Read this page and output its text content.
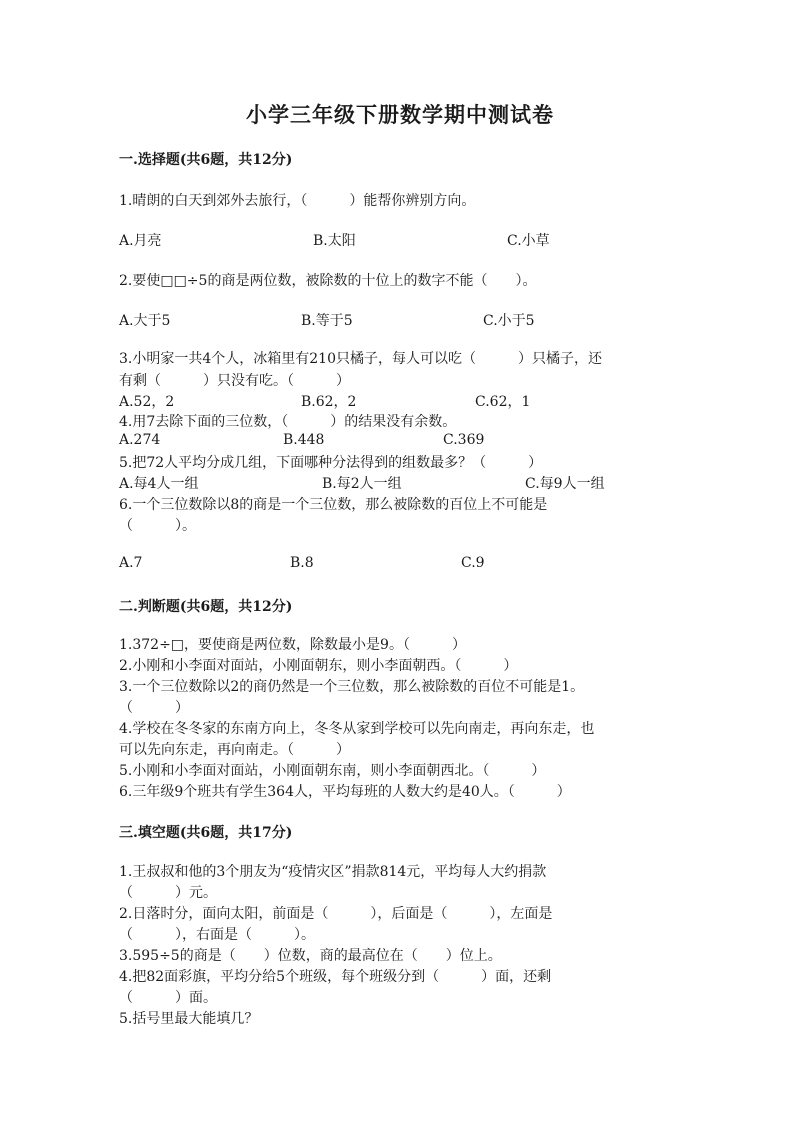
小学三年级下册数学期中测试卷
一.选择题(共6题，共12分)
1.晴朗的白天到郊外去旅行，（　　　）能帮你辨别方向。
A.月亮	B.太阳	C.小草
2.要使□□÷5的商是两位数，被除数的十位上的数字不能（　　）。
A.大于5	B.等于5	C.小于5
3.小明家一共4个人，冰箱里有210只橘子，每人可以吃（　　　）只橘子，还
有剩（　　　）只没有吃。（　　　）
A.52，2	B.62，2	C.62，1
4.用7去除下面的三位数，（　　　）的结果没有余数。
A.274	B.448	C.369
5.把72人平均分成几组，下面哪种分法得到的组数最多？（　　　）
A.每4人一组	B.每2人一组	C.每9人一组
6.一个三位数除以8的商是一个三位数，那么被除数的百位上不可能是
（　　　）。
A.7	B.8	C.9
二.判断题(共6题，共12分)
1.372÷□，要使商是两位数，除数最小是9。（　　　）
2.小刚和小李面对面站，小刚面朝东，则小李面朝西。（　　　）
3.一个三位数除以2的商仍然是一个三位数，那么被除数的百位不可能是1。
（　　　）
4.学校在冬冬家的东南方向上，冬冬从家到学校可以先向南走，再向东走，也
可以先向东走，再向南走。（　　　）
5.小刚和小李面对面站，小刚面朝东南，则小李面朝西北。（　　　）
6.三年级9个班共有学生364人，平均每班的人数大约是40人。（　　　）
三.填空题(共6题，共17分)
1.王叔叔和他的3个朋友为“疫情灾区”捐款814元，平均每人大约捐款
（　　　）元。
2.日落时分，面向太阳，前面是（　　　），后面是（　　　），左面是
（　　　），右面是（　　　）。
3.595÷5的商是（　　）位数，商的最高位在（　　）位上。
4.把82面彩旗，平均分给5个班级，每个班级分到（　　　）面，还剩
（　　　）面。
5.括号里最大能填几？
